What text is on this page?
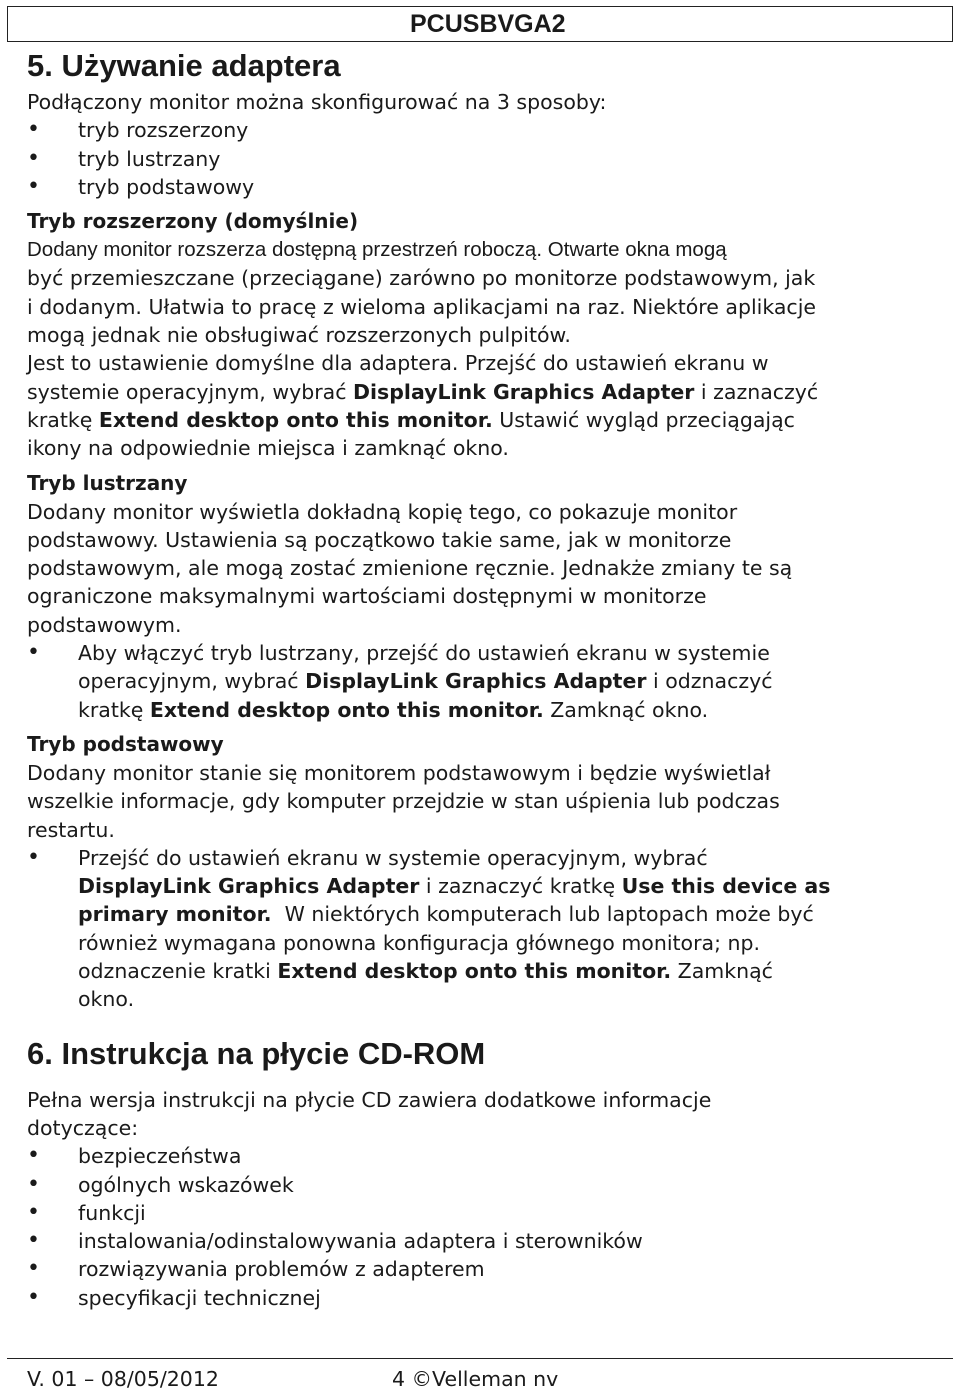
PCUSBVGA2
5. Używanie adaptera

Podłączony monitor można skonfigurować na 3 sposoby:

• tryb rozszerzony
• tryb lustrzany
• tryb podstawowy
Tryb rozszerzony (domyślnie)

Dodany monitor rozszerza dostępną przestrzeń roboczą. Otwarte okna mogą

być przemieszczane (przeciągane) zarówno po monitorze podstawowym, jak

i dodanym. Ułatwia to pracę z wieloma aplikacjami na raz. Niektóre aplikacje

mogą jednak nie obsługiwać rozszerzonych pulpitów.

Jest to ustawienie domyślne dla adaptera. Przejść do ustawień ekranu w

systemie operacyjnym, wybrać DisplayLink Graphics Adapter i zaznaczyć

kratkę Extend desktop onto this monitor. Ustawić wygląd przeciągając

ikony na odpowiednie miejsca i zamknąć okno.

Tryb lustrzany

Dodany monitor wyświetla dokładną kopię tego, co pokazuje monitor

podstawowy. Ustawienia są początkowo takie same, jak w monitorze

podstawowym, ale mogą zostać zmienione ręcznie. Jednakże zmiany te są

ograniczone maksymalnymi wartościami dostępnymi w monitorze

podstawowym.

• Aby włączyć tryb lustrzany, przejść do ustawień ekranu w systemie
operacyjnym, wybrać DisplayLink Graphics Adapter i odznaczyć
kratkę Extend desktop onto this monitor. Zamknąć okno.
Tryb podstawowy

Dodany monitor stanie się monitorem podstawowym i będzie wyświetlał

wszelkie informacje, gdy komputer przejdzie w stan uśpienia lub podczas

restartu.

• Przejść do ustawień ekranu w systemie operacyjnym, wybrać
DisplayLink Graphics Adapter i zaznaczyć kratkę Use this device as
primary monitor.  W niektórych komputerach lub laptopach może być
również wymagana ponowna konfiguracja głównego monitora; np.
odznaczenie kratki Extend desktop onto this monitor. Zamknąć
okno.
6. Instrukcja na płycie CD-ROM

Pełna wersja instrukcji na płycie CD zawiera dodatkowe informacje

dotyczące:

• bezpieczeństwa
• ogólnych wskazówek
• funkcji
• instalowania/odinstalowywania adaptera i sterowników
• rozwiązywania problemów z adapterem
• specyfikacji technicznej
V. 01 – 08/05/2012	4 ©Velleman nv
